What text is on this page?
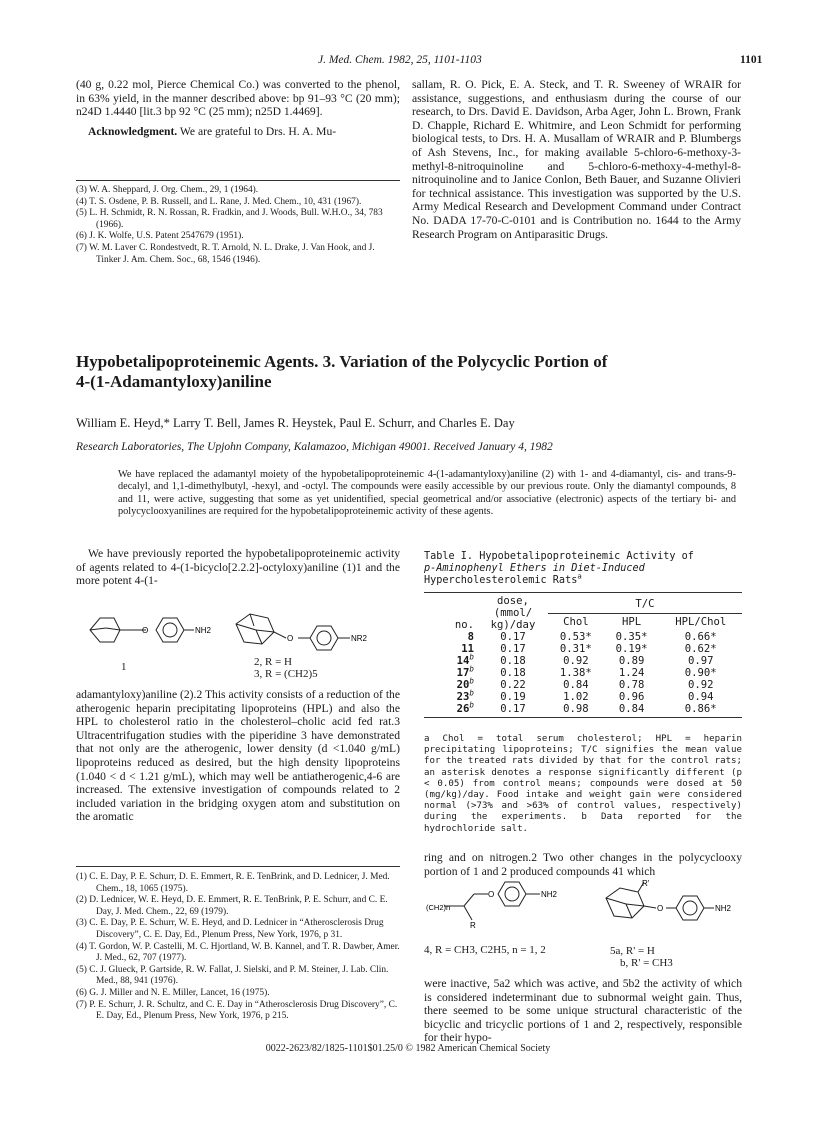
J. Med. Chem. 1982, 25, 1101-1103	1101

(40 g, 0.22 mol, Pierce Chemical Co.) was converted to the phenol, in 63% yield, in the manner described above: bp 91–93 °C (20 mm); n24D 1.4440 [lit.3 bp 92 °C (25 mm); n25D 1.4469].

Acknowledgment. We are grateful to Drs. H. A. Mu-

(3) W. A. Sheppard, J. Org. Chem., 29, 1 (1964).

(4) T. S. Osdene, P. B. Russell, and L. Rane, J. Med. Chem., 10, 431 (1967).

(5) L. H. Schmidt, R. N. Rossan, R. Fradkin, and J. Woods, Bull. W.H.O., 34, 783 (1966).

(6) J. K. Wolfe, U.S. Patent 2547679 (1951).

(7) W. M. Laver C. Rondestvedt, R. T. Arnold, N. L. Drake, J. Van Hook, and J. Tinker J. Am. Chem. Soc., 68, 1546 (1946).

sallam, R. O. Pick, E. A. Steck, and T. R. Sweeney of WRAIR for assistance, suggestions, and enthusiasm during the course of our research, to Drs. David E. Davidson, Arba Ager, John L. Brown, Frank D. Chapple, Richard E. Whitmire, and Leon Schmidt for performing biological tests, to Drs. H. A. Musallam of WRAIR and P. Blumbergs of Ash Stevens, Inc., for making available 5-chloro-6-methoxy-3-methyl-8-nitroquinoline and 5-chloro-6-methoxy-4-methyl-8-nitroquinoline and to Janice Conlon, Beth Bauer, and Suzanne Olivieri for technical assistance. This investigation was supported by the U.S. Army Medical Research and Development Command under Contract No. DADA 17-70-C-0101 and is Contribution no. 1644 to the Army Research Program on Antiparasitic Drugs.

Hypobetalipoproteinemic Agents. 3. Variation of the Polycyclic Portion of
4-(1-Adamantyloxy)aniline
William E. Heyd,* Larry T. Bell, James R. Heystek, Paul E. Schurr, and Charles E. Day
Research Laboratories, The Upjohn Company, Kalamazoo, Michigan 49001. Received January 4, 1982
We have replaced the adamantyl moiety of the hypobetalipoproteinemic 4-(1-adamantyloxy)aniline (2) with 1- and 4-diamantyl, cis- and trans-9-decalyl, and 1,1-dimethylbutyl, -hexyl, and -octyl. The compounds were easily accessible by our previous route. Only the diamantyl compounds, 8 and 11, were active, suggesting that some as yet unidentified, special geometrical and/or associative (electronic) aspects of the tertiary bi- and polycyclooxyanilines are required for the hypobetalipoproteinemic activity of these agents.
We have previously reported the hypobetalipoproteinemic activity of agents related to 4-(1-bicyclo[2.2.2]-octyloxy)aniline (1)1 and the more potent 4-(1-
O	NH2
O	NR2
1	2, R = H
3, R = (CH2)5
adamantyloxy)aniline (2).2 This activity consists of a reduction of the atherogenic heparin precipitating lipoproteins (HPL) and also the HPL to cholesterol ratio in the cholesterol–cholic acid fed rat.3 Ultracentrifugation studies with the piperidine 3 have demonstrated that not only are the atherogenic, lower density (d <1.040 g/mL) lipoproteins reduced as desired, but the high density lipoproteins (1.040 < d < 1.21 g/mL), which may well be antiatherogenic,4-6 are increased. The extensive investigation of compounds related to 2 included variation in the bridging oxygen atom and substitution on the aromatic

(1) C. E. Day, P. E. Schurr, D. E. Emmert, R. E. TenBrink, and D. Lednicer, J. Med. Chem., 18, 1065 (1975).

(2) D. Lednicer, W. E. Heyd, D. E. Emmert, R. E. TenBrink, P. E. Schurr, and C. E. Day, J. Med. Chem., 22, 69 (1979).

(3) C. E. Day, P. E. Schurr, W. E. Heyd, and D. Lednicer in “Atherosclerosis Drug Discovery”, C. E. Day, Ed., Plenum Press, New York, 1976, p 31.

(4) T. Gordon, W. P. Castelli, M. C. Hjortland, W. B. Kannel, and T. R. Dawber, Amer. J. Med., 62, 707 (1977).

(5) C. J. Glueck, P. Gartside, R. W. Fallat, J. Sielski, and P. M. Steiner, J. Lab. Clin. Med., 88, 941 (1976).

(6) G. J. Miller and N. E. Miller, Lancet, 16 (1975).

(7) P. E. Schurr, J. R. Schultz, and C. E. Day in “Atherosclerosis Drug Discovery”, C. E. Day, Ed., Plenum Press, New York, 1976, p 215.

Table I. Hypobetalipoproteinemic Activity of
p-Aminophenyl Ethers in Diet-Induced
Hypercholesterolemic Rats$^a$
no.	dose, (mmol/ kg)/day	T/C		
		Chol	HPL	HPL/Chol
8	0.17	0.53*	0.35*	0.66*
11	0.17	0.31*	0.19*	0.62*
14$^b$	0.18	0.92	0.89	0.97
17$^b$	0.18	1.38*	1.24	0.90*
20$^b$	0.22	0.84	0.78	0.92
23$^b$	0.19	1.02	0.96	0.94
26$^b$	0.17	0.98	0.84	0.86*
a Chol = total serum cholesterol; HPL = heparin precipitating lipoproteins; T/C signifies the mean value for the treated rats divided by that for the control rats; an asterisk denotes a response significantly different (p < 0.05) from control means; compounds were dosed at 50 (mg/kg)/day. Food intake and weight gain were considered normal (>73% and >63% of control values, respectively) during the experiments. b Data reported for the hydrochloride salt.
ring and on nitrogen.2 Two other changes in the polycyclooxy portion of 1 and 2 produced compounds 41 which
(CH2)n
O	NH2
R
R'
O	NH2
4, R = CH3, C2H5, n = 1, 2	5a, R' = H
b, R' = CH3
were inactive, 5a2 which was active, and 5b2 the activity of which is considered indeterminant due to subnormal weight gain. Thus, there seemed to be some unique structural characteristic of the bicyclic and tricyclic portions of 1 and 2, respectively, responsible for their hypo-
0022-2623/82/1825-1101$01.25/0 © 1982 American Chemical Society
